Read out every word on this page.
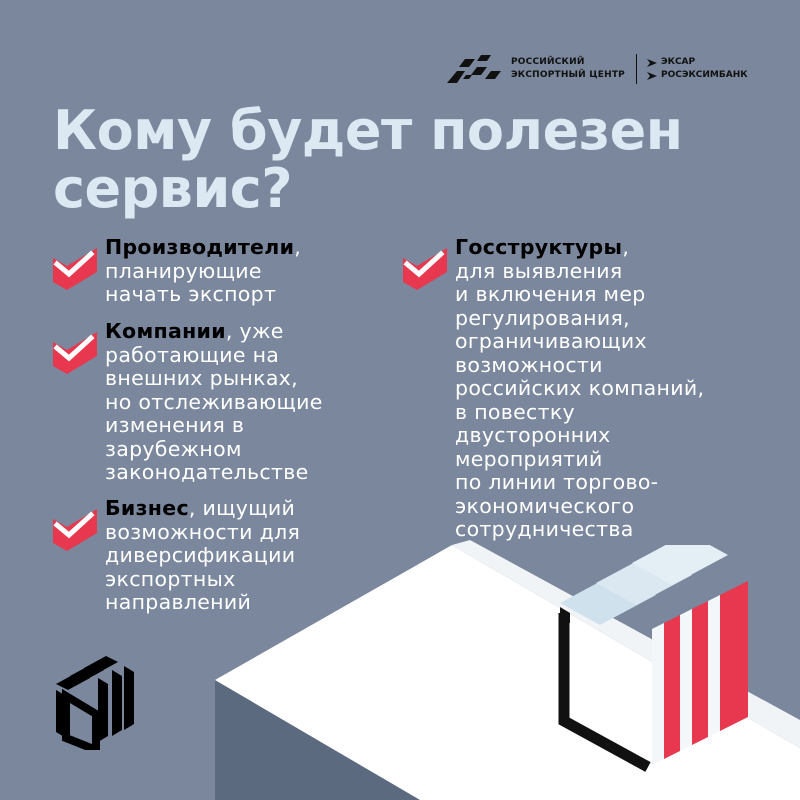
РОССИЙСКИЙ
ЭКСПОРТНЫЙ ЦЕНТР
ЭКСАР
РОСЭКСИМБАНК
Кому будет полезен сервис?
Производители,
планирующие
начать экспорт
Компании, уже
работающие на
внешних рынках,
но отслеживающие
изменения в
зарубежном
законодательстве
Бизнес, ищущий
возможности для
диверсификации
экспортных
направлений
Госструктуры,
для выявления
и включения мер
регулирования,
ограничивающих
возможности
российских компаний,
в повестку
двусторонних
мероприятий
по линии торгово-
экономического
сотрудничества
